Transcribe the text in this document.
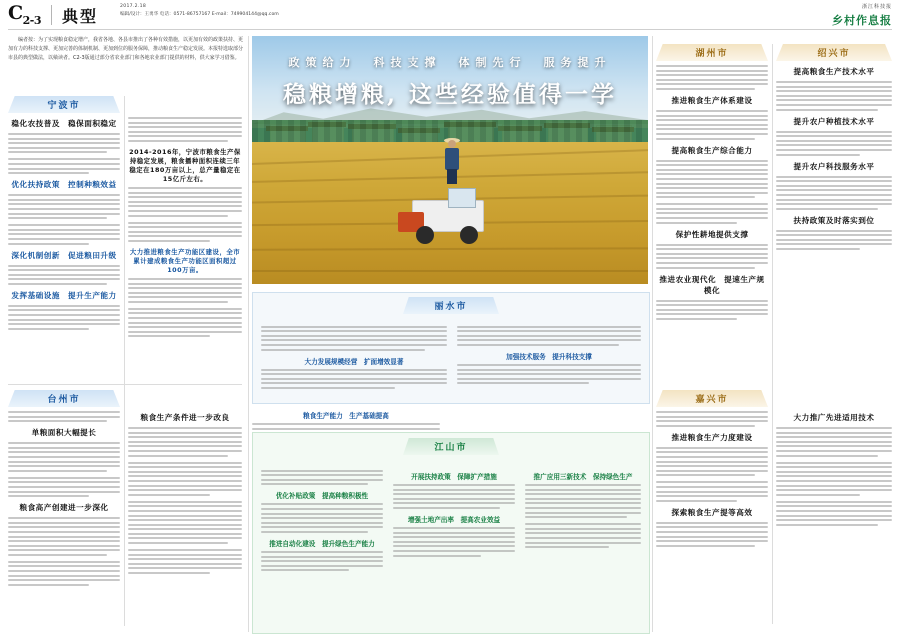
$C_{2-3}$ 典型
2017.2.18
编辑/设计：王勇华 电话：0571-86757167 E-mail：749904144@qq.com
浙江科技报
乡村作息报
编者按：为了实现粮食稳定增产，我省各地、各县市推出了各种有效措施，以更加有效的政策扶持、更加有力的科技支撑、更加完善的体制机制、更加到位的服务保障，推动粮食生产稳定发展。本报特选取部分市县的典型做法，以飨读者。C2-3版通过部分省农业部门和各地农业部门提供的材料，供大家学习借鉴。	政策给力　科技支撑　体制先行　服务提升
稳粮增粮, 这些经验值得一学
宁波市
稳化农技普及　稳保面积稳定
优化扶持政策　控制种粮效益
深化机制创新　促进粮田升级
发挥基础设施　提升生产能力
2014-2016年，宁波市粮食生产保持稳定发展，粮食播种面积连续三年稳定在180万亩以上，总产量稳定在15亿斤左右。
大力推进粮食生产功能区建设，全市累计建成粮食生产功能区面积超过100万亩。
台州市
单粮面积大幅提长
粮食高产创建进一步深化
粮食生产条件进一步改良
丽水市
大力发展规模经营　扩面增效显著
加强技术服务　提升科技支撑
粮食生产能力　生产基础提高
江山市
优化补贴政策　提高种粮积极性
推进自动化建设　提升绿色生产能力
开展扶持政策　保障扩产措施
增强土地产出率　提高农业效益
推广应用三新技术　保持绿色生产
湖州市
推进粮食生产体系建设
提高粮食生产综合能力
保护性耕地提供支撑
推进农业现代化　提速生产规模化
绍兴市
提高粮食生产技术水平
提升农户种植技术水平
提升农户科技服务水平
扶持政策及时落实到位
嘉兴市
推进粮食生产力度建设
探索粮食生产提等高效
大力推广先进适用技术
